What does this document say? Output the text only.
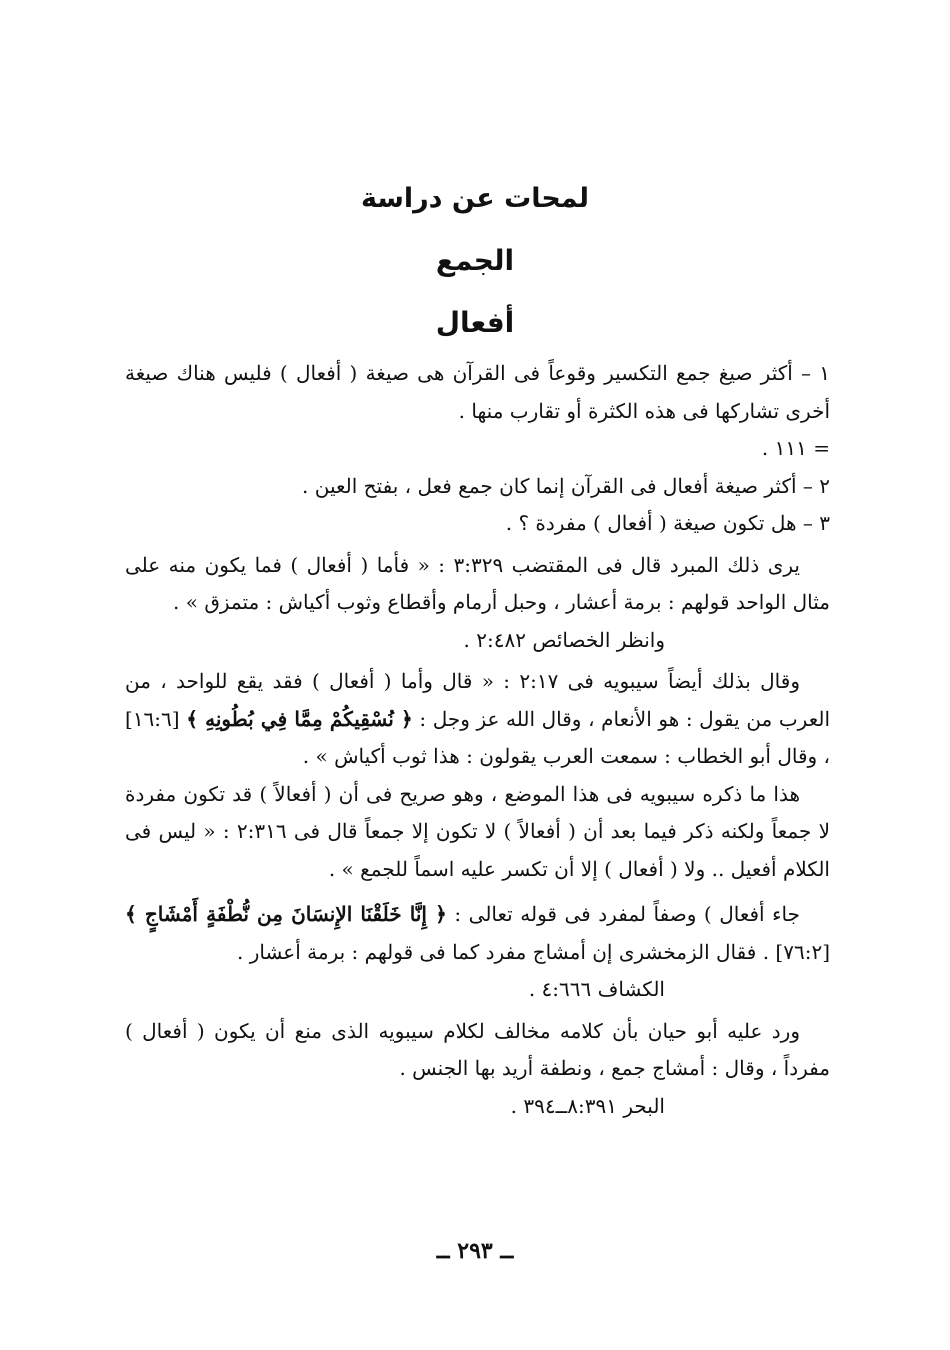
لمحات عن دراسة
الجمع
أفعال

١ – أكثر صيغ جمع التكسير وقوعاً فى القرآن هى صيغة ( أفعال ) فليس هناك صيغة أخرى تشاركها فى هذه الكثرة أو تقارب منها .

= ١١١ .

٢ – أكثر صيغة أفعال فى القرآن إنما كان جمع فعل ، بفتح العين .

٣ – هل تكون صيغة ( أفعال ) مفردة ؟ .

يرى ذلك المبرد قال فى المقتضب ٣:٣٢٩ : « فأما ( أفعال ) فما يكون منه على مثال الواحد قولهم : برمة أعشار ، وحبل أرمام وأقطاع وثوب أكياش : متمزق » .

وانظر الخصائص ٢:٤٨٢ .

وقال بذلك أيضاً سيبويه فى ٢:١٧ : « قال وأما ( أفعال ) فقد يقع للواحد ، من العرب من يقول : هو الأنعام ، وقال الله عز وجل : ﴿ نُسْقِيكُمْ مِمَّا فِي بُطُونِهِ ﴾ [١٦:٦] ، وقال أبو الخطاب : سمعت العرب يقولون : هذا ثوب أكياش » .

هذا ما ذكره سيبويه فى هذا الموضع ، وهو صريح فى أن ( أفعالاً ) قد تكون مفردة لا جمعاً ولكنه ذكر فيما بعد أن ( أفعالاً ) لا تكون إلا جمعاً قال فى ٢:٣١٦ : « ليس فى الكلام أفعيل .. ولا ( أفعال ) إلا أن تكسر عليه اسماً للجمع » .

جاء أفعال ) وصفاً لمفرد فى قوله تعالى : ﴿ إِنَّا خَلَقْنَا الإِنسَانَ مِن نُّطْفَةٍ أَمْشَاجٍ ﴾ [٧٦:٢] . فقال الزمخشرى إن أمشاج مفرد كما فى قولهم : برمة أعشار .

الكشاف ٤:٦٦٦ .

ورد عليه أبو حيان بأن كلامه مخالف لكلام سيبويه الذى منع أن يكون ( أفعال ) مفرداً ، وقال : أمشاج جمع ، ونطفة أريد بها الجنس .

البحر ٨:٣٩١ــ٣٩٤ .

ــ ٢٩٣ ــ
